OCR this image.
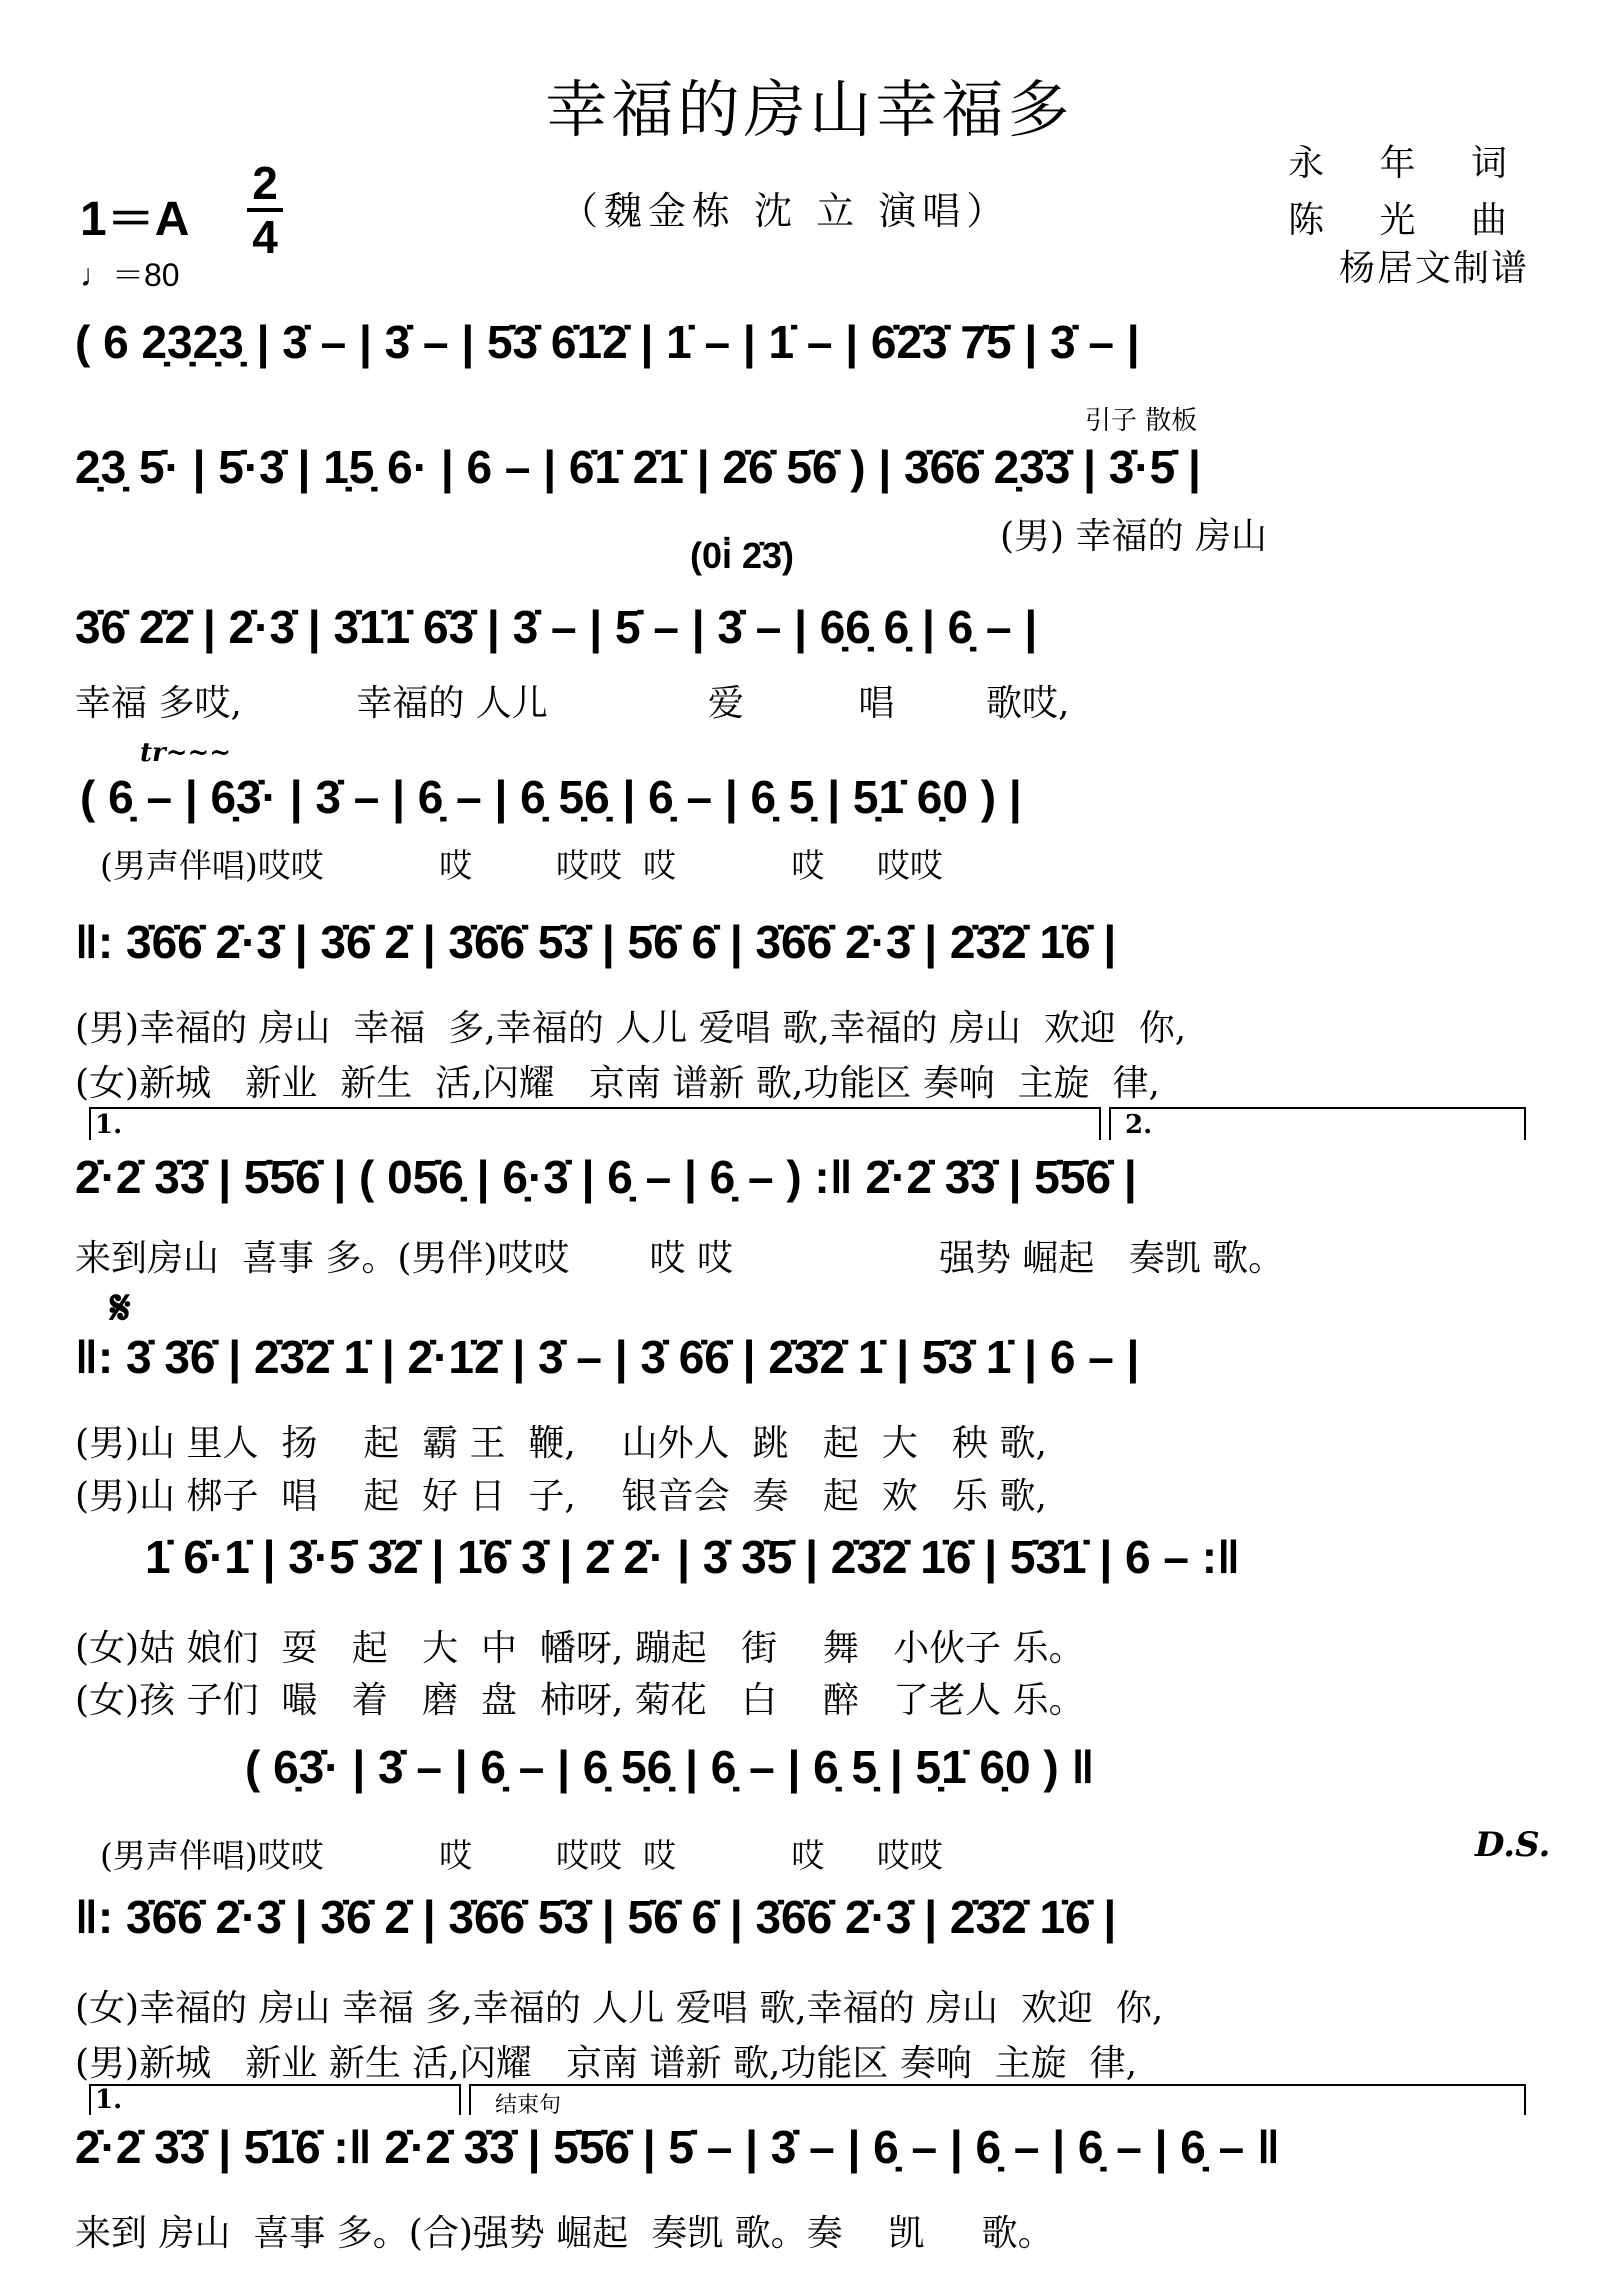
幸福的房山幸福多
（魏金栋 沈 立 演唱）
永 年 词
陈 光 曲
杨居文制谱
1＝A
2
4
♩＝80
( 6 2̣3̣2̣3̣ | 3̇ – | 3̇ – | 5̇3̇ 6̇1̇2̇ | 1̇ – | 1̇ – | 6̇2̇3̇ 7̇5̇ | 3̇ – |
引子 散板
2̣3̣ 5̇· | 5̇·3̇ | 1̣5̣ 6· | 6 – | 6̇1̇ 2̇1̇ | 2̇6̇ 5̇6̇ ) | 3̇6̇6̇ 2̣3̇3̇ | 3̇·5̇ |
(男) 幸福的 房山
(0i̇ 2̇3̇)
3̇6̇ 2̇2̇ | 2̇·3̇ | 3̇1̇1̇ 6̇3̇ | 3̇ – | 5̇ – | 3̇ – | 6̣6̣ 6̣ | 6̣ – |
幸福 多哎,          幸福的 人儿              爱          唱        歌哎,
tr~~~
( 6̣ – | 6̣3̇· | 3̇ – | 6̣ – | 6̣ 5̣6̣ | 6̣ – | 6̣ 5̣ | 5̣1̇ 6̣0 ) |
(男声伴唱)哎哎           哎        哎哎  哎           哎     哎哎
‖: 3̇6̇6̇ 2̇·3̇ | 3̇6̇ 2̇ | 3̇6̇6̇ 5̇3̇ | 5̇6̇ 6̇ | 3̇6̇6̇ 2̇·3̇ | 2̇3̇2̇ 1̇6̇ |
(男)幸福的 房山  幸福  多,幸福的 人儿 爱唱 歌,幸福的 房山  欢迎  你,
(女)新城   新业  新生  活,闪耀   京南 谱新 歌,功能区 奏响  主旋  律,
1.	2.
2̇·2̇ 3̇3̇ | 5̇5̇6̇ | ( 05̇6̣ | 6̣·3̇ | 6̣ – | 6̣ – ) :‖ 2̇·2̇ 3̇3̇ | 5̇5̇6̇ |
来到房山  喜事 多。(男伴)哎哎       哎 哎                  强势 崛起   奏凯 歌。
𝄋
‖: 3̇ 3̇6̇ | 2̇3̇2̇ 1̇ | 2̇·1̇2̇ | 3̇ – | 3̇ 6̇6̇ | 2̇3̇2̇ 1̇ | 5̇3̇ 1̇ | 6 – |
(男)山 里人  扬    起  霸 王  鞭,    山外人  跳   起  大   秧 歌,
(男)山 梆子  唱    起  好 日  子,    银音会  奏   起  欢   乐 歌,
1̇ 6̇·1̇ | 3̇·5̇ 3̇2̇ | 1̇6̇ 3̇ | 2̇ 2̇· | 3̇ 3̇5̇ | 2̇3̇2̇ 1̇6̇ | 5̇3̇1̇ | 6 – :‖
(女)姑 娘们  耍   起   大  中  幡呀, 蹦起   街    舞   小伙子 乐。
(女)孩 子们  嘬   着   磨  盘  柿呀, 菊花   白    醉   了老人 乐。
( 6̣3̇· | 3̇ – | 6̣ – | 6̣ 5̣6̣ | 6̣ – | 6̣ 5̣ | 5̣1̇ 6̣0 ) ‖
(男声伴唱)哎哎           哎        哎哎  哎           哎     哎哎	D.S.
‖: 3̇6̇6̇ 2̇·3̇ | 3̇6̇ 2̇ | 3̇6̇6̇ 5̇3̇ | 5̇6̇ 6̇ | 3̇6̇6̇ 2̇·3̇ | 2̇3̇2̇ 1̇6̇ |
(女)幸福的 房山 幸福 多,幸福的 人儿 爱唱 歌,幸福的 房山  欢迎  你,
(男)新城   新业 新生 活,闪耀   京南 谱新 歌,功能区 奏响  主旋  律,
1.	结束句
2̇·2̇ 3̇3̇ | 5̇1̇6̇ :‖ 2̇·2̇ 3̇3̇ | 5̇5̇6̇ | 5̇ – | 3̇ – | 6̣ – | 6̣ – | 6̣ – | 6̣ – ‖
来到 房山  喜事 多。(合)强势 崛起  奏凯 歌。奏    凯     歌。
